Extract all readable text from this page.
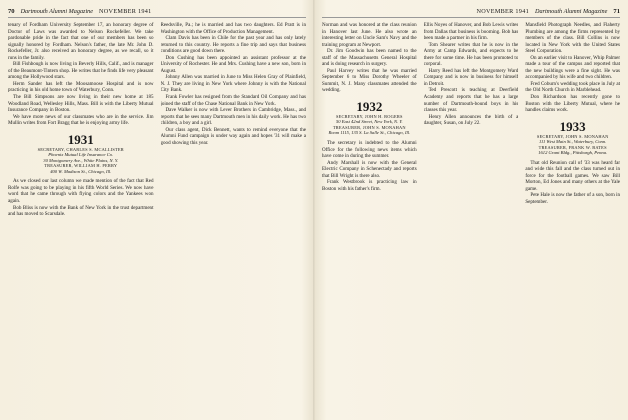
70 Dartmouth Alumni Magazine NOVEMBER 1941

tenary of Fordham University September 17, an honorary degree of Doctor of Laws was awarded to Nelson Rockefeller. We take pardonable pride in the fact that one of our members has been so signally honored by Fordham. Nelson's father, the late Mr. John D. Rockefeller, Jr. also received an honorary degree, as we recall, so it runs in the family.

Bill Fishbough is now living in Beverly Hills, Calif., and is manager of the Beaumont-Tintern shop. He writes that he finds life very pleasant among the Hollywood stars.

Herm Sander has left the Moosamoose Hospital and is now practicing in his old home town of Waterbury, Conn.

The Bill Simpsons are now living in their new home at 185 Woodland Road, Wellesley Hills, Mass. Bill is with the Liberty Mutual Insurance Company in Boston.

We have more news of our classmates who are in the service. Jim Mullin writes from Fort Bragg that he is enjoying army life.

1931
SECRETARY, CHARLES S. MCALLISTER
Phoenix Mutual Life Insurance Co.
30 Montgomery Ave., White Plains, N. Y.
TREASURER, WILLIAM H. PERRY
400 W. Madison St., Chicago, Ill.

As we closed our last column we made mention of the fact that Red Rolfe was going to be playing in his fifth World Series. We now have word that he came through with flying colors and the Yankees won again.

Bob Bliss is now with the Bank of New York in the trust department and has moved to Scarsdale.

Reedsville, Pa.; he is married and has two daughters. Ed Pratt is in Washington with the Office of Production Management.

Clam Davis has been in Chile for the past year and has only lately returned to this country. He reports a fine trip and says that business conditions are good down there.

Don Cushing has been appointed an assistant professor at the University of Rochester. He and Mrs. Cushing have a new son, born in August.

Johnny Allen was married in June to Miss Helen Gray of Plainfield, N. J. They are living in New York where Johnny is with the National City Bank.

Frank Fowler has resigned from the Standard Oil Company and has joined the staff of the Chase National Bank in New York.

Dave Walker is now with Lever Brothers in Cambridge, Mass., and reports that he sees many Dartmouth men in his daily work. He has two children, a boy and a girl.

Our class agent, Dick Bennett, wants to remind everyone that the Alumni Fund campaign is under way again and hopes '31 will make a good showing this year.

NOVEMBER 1941 Dartmouth Alumni Magazine 71

Norman and was honored at the class reunion in Hanover last June. He also wrote an interesting letter on Uncle Sam's Navy and the training program at Newport.

Dr. Jim Goodwin has been named to the staff of the Massachusetts General Hospital and is doing research in surgery.

Paul Harvey writes that he was married September 6 to Miss Dorothy Wheeler of Summit, N. J. Many classmates attended the wedding.

1932
SECRETARY, JOHN H. ROGERS
50 East 42nd Street, New York, N. Y.
TREASURER, JOHN S. MONAHAN
Room 1115, 135 S. La Salle St., Chicago, Ill.

The secretary is indebted to the Alumni Office for the following news items which have come in during the summer.

Andy Marshall is now with the General Electric Company in Schenectady and reports that Bill Wright is there also.

Frank Westbrook is practicing law in Boston with his father's firm.

Ellis Noyes of Hanover, and Bob Lewis writes from Dallas that business is booming. Bob has been made a partner in his firm.

Tom Shearer writes that he is now in the Army at Camp Edwards, and expects to be there for some time. He has been promoted to corporal.

Harry Reed has left the Montgomery Ward Company and is now in business for himself in Detroit.

Ted Prescott is teaching at Deerfield Academy and reports that he has a large number of Dartmouth-bound boys in his classes this year.

Henry Allen announces the birth of a daughter, Susan, on July 22.

Mansfield Photograph Needles, and Flaherty Plumbing are among the firms represented by members of the class. Bill Collins is now located in New York with the United States Steel Corporation.

On an earlier visit to Hanover, Whip Palmer made a tour of the campus and reported that the new buildings were a fine sight. He was accompanied by his wife and two children.

Fred Coburn's wedding took place in July at the Old North Church in Marblehead.

Don Richardson has recently gone to Boston with the Liberty Mutual, where he handles claims work.

1933
SECRETARY, JOHN S. MONAHAN
111 West Main St., Waterbury, Conn.
TREASURER, FRANK W. BATES
1612 Grant Bldg., Pittsburgh, Penna.

That old Reunion call of '33 was heard far and wide this fall and the class turned out in force for the football games. We saw Bill Morton, Ed Jones and many others at the Yale game.

Pete Hale is now the father of a son, born in September.
